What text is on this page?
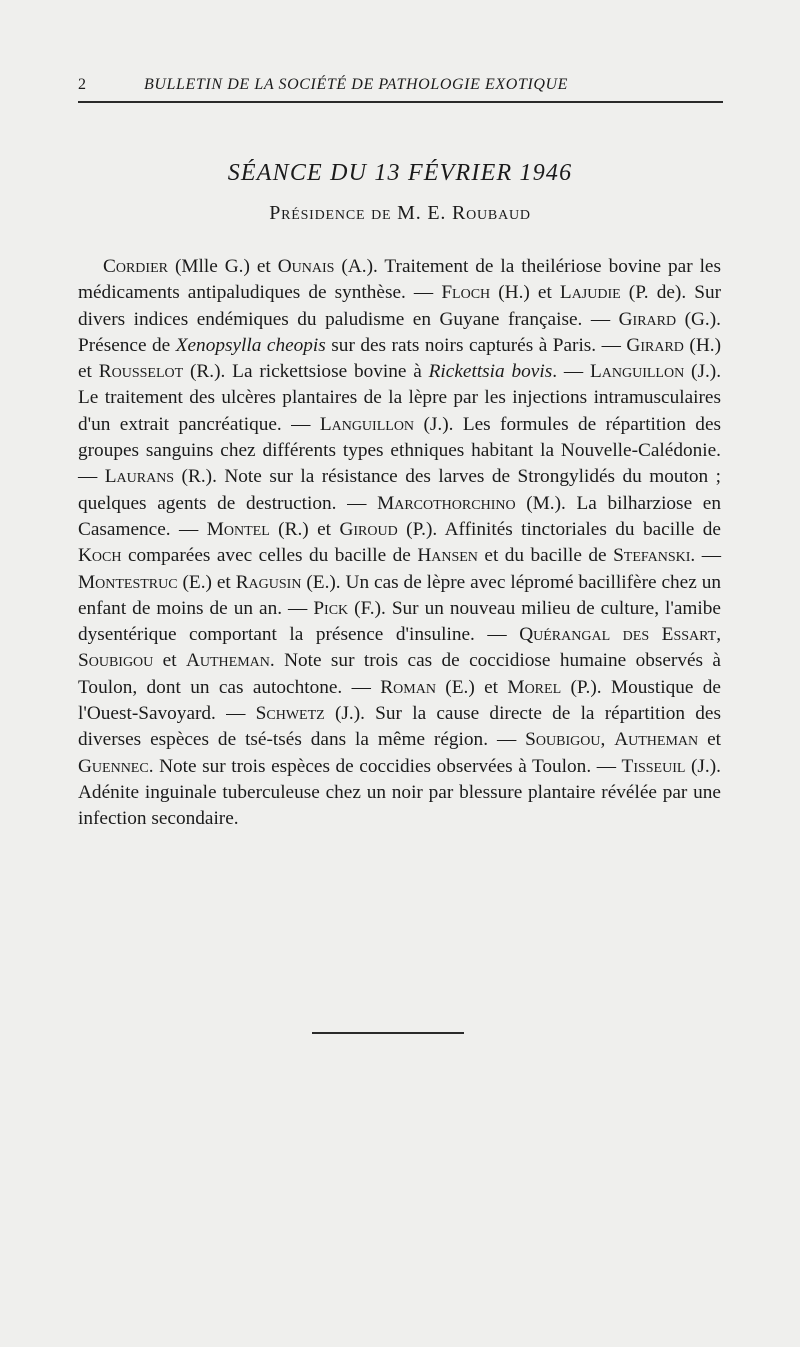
2	BULLETIN DE LA SOCIÉTÉ DE PATHOLOGIE EXOTIQUE
SÉANCE DU 13 FÉVRIER 1946
Présidence de M. E. Roubaud

Cordier (Mlle G.) et Ounais (A.). Traitement de la theilériose bovine par les médicaments antipaludiques de synthèse. — Floch (H.) et Lajudie (P. de). Sur divers indices endémiques du paludisme en Guyane française. — Girard (G.). Présence de Xenopsylla cheopis sur des rats noirs capturés à Paris. — Girard (H.) et Rousselot (R.). La rickettsiose bovine à Rickettsia bovis. — Languillon (J.). Le traitement des ulcères plantaires de la lèpre par les injections intramusculaires d'un extrait pancréatique. — Languillon (J.). Les formules de répartition des groupes sanguins chez différents types ethniques habitant la Nouvelle-Calédonie. — Laurans (R.). Note sur la résistance des larves de Strongylidés du mouton ; quelques agents de destruction. — Marcothorchino (M.). La bilharziose en Casamence. — Montel (R.) et Giroud (P.). Affinités tinctoriales du bacille de Koch comparées avec celles du bacille de Hansen et du bacille de Stefanski. — Montestruc (E.) et Ragusin (E.). Un cas de lèpre avec lépromé bacillifère chez un enfant de moins de un an. — Pick (F.). Sur un nouveau milieu de culture, l'amibe dysentérique comportant la présence d'insuline. — Quérangal des Essart, Soubigou et Autheman. Note sur trois cas de coccidiose humaine observés à Toulon, dont un cas autochtone. — Roman (E.) et Morel (P.). Moustique de l'Ouest-Savoyard. — Schwetz (J.). Sur la cause directe de la répartition des diverses espèces de tsé-tsés dans la même région. — Soubigou, Autheman et Guennec. Note sur trois espèces de coccidies observées à Toulon. — Tisseuil (J.). Adénite inguinale tuberculeuse chez un noir par blessure plantaire révélée par une infection secondaire.
